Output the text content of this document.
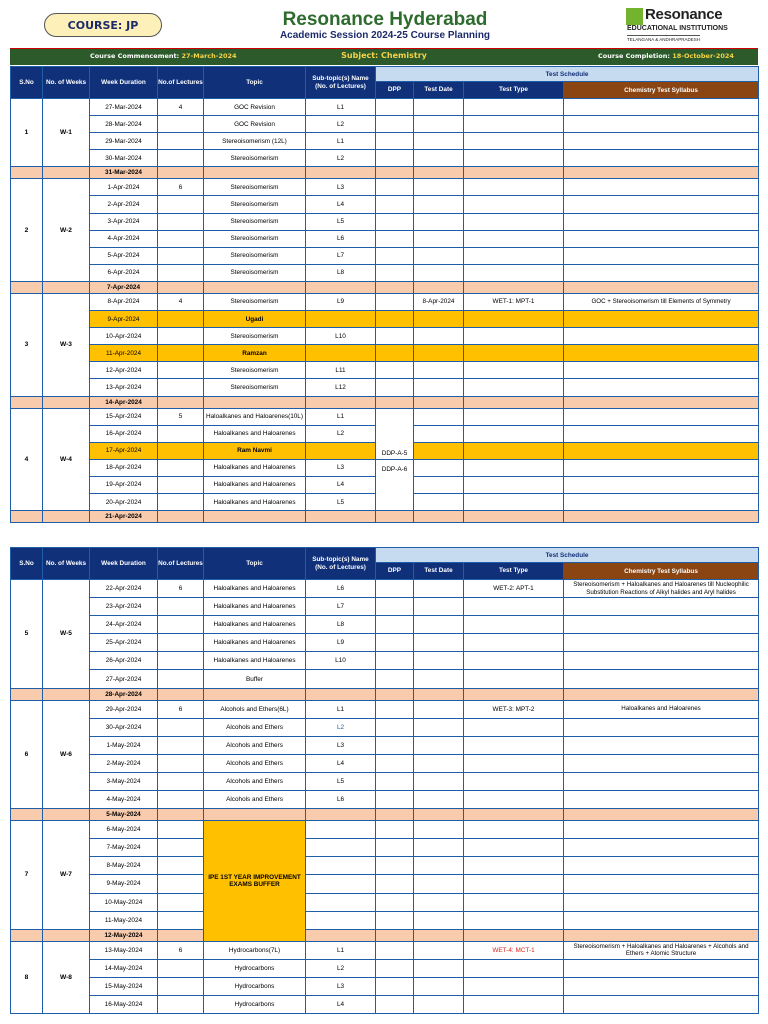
COURSE: JP	Resonance Hyderabad
Academic Session 2024-25 Course Planning
Resonance
EDUCATIONAL INSTITUTIONS
TELANGANA & ANDHRAPRADESH
Course Commencement: 27-March-2024	Subject: Chemistry	Course Completion: 18-October-2024
S.No	No. of Weeks	Week Duration	No.of Lectures	Topic	Sub-topic(s) Name (No. of Lectures)	Test Schedule			
						DPP	Test Date	Test Type	Chemistry Test Syllabus
1	W-1	27-Mar-2024	4	GOC Revision	L1				
		28-Mar-2024		GOC Revision	L2				
		29-Mar-2024		Stereoisomerism (12L)	L1				
		30-Mar-2024		Stereoisomerism	L2				
		31-Mar-2024							
2	W-2	1-Apr-2024	6	Stereoisomerism	L3				
		2-Apr-2024		Stereoisomerism	L4				
		3-Apr-2024		Stereoisomerism	L5				
		4-Apr-2024		Stereoisomerism	L6				
		5-Apr-2024		Stereoisomerism	L7				
		6-Apr-2024		Stereoisomerism	L8				
		7-Apr-2024							
3	W-3	8-Apr-2024	4	Stereoisomerism	L9		8-Apr-2024	WET-1: MPT-1	GOC + Stereoisomerism till Elements of Symmetry
		9-Apr-2024		Ugadi					
		10-Apr-2024		Stereoisomerism	L10				
		11-Apr-2024		Ramzan					
		12-Apr-2024		Stereoisomerism	L11				
		13-Apr-2024		Stereoisomerism	L12				
		14-Apr-2024							
4	W-4	15-Apr-2024	5	Haloalkanes and Haloarenes(10L)	L1	DDP-A-5			
		16-Apr-2024		Haloalkanes and Haloarenes	L2				
		17-Apr-2024		Ram Navmi					
		18-Apr-2024		Haloalkanes and Haloarenes	L3	DDP-A-6			
		19-Apr-2024		Haloalkanes and Haloarenes	L4				
		20-Apr-2024		Haloalkanes and Haloarenes	L5				
		21-Apr-2024							
S.No	No. of Weeks	Week Duration	No.of Lectures	Topic	Sub-topic(s) Name (No. of Lectures)	Test Schedule			
						DPP	Test Date	Test Type	Chemistry Test Syllabus
5	W-5	22-Apr-2024	6	Haloalkanes and Haloarenes	L6			WET-2: APT-1	Stereoisomerism + Haloalkanes and Haloarenes till Nucleophilic Substitution Reactions of Alkyl halides and Aryl halides
		23-Apr-2024		Haloalkanes and Haloarenes	L7				
		24-Apr-2024		Haloalkanes and Haloarenes	L8				
		25-Apr-2024		Haloalkanes and Haloarenes	L9				
		26-Apr-2024		Haloalkanes and Haloarenes	L10				
		27-Apr-2024		Buffer					
		28-Apr-2024							
6	W-6	29-Apr-2024	6	Alcohols and Ethers(6L)	L1			WET-3: MPT-2	Haloalkanes and Haloarenes
		30-Apr-2024		Alcohols and Ethers	L2				
		1-May-2024		Alcohols and Ethers	L3				
		2-May-2024		Alcohols and Ethers	L4				
		3-May-2024		Alcohols and Ethers	L5				
		4-May-2024		Alcohols and Ethers	L6				
		5-May-2024							
7	W-7	6-May-2024		IPE 1ST YEAR IMPROVEMENT EXAMS BUFFER					
		7-May-2024							
		8-May-2024							
		9-May-2024							
		10-May-2024							
		11-May-2024							
		12-May-2024							
8	W-8	13-May-2024	6	Hydrocarbons(7L)	L1			WET-4: MCT-1	Stereoisomerism + Haloalkanes and Haloarenes + Alcohols and Ethers + Atomic Structure
		14-May-2024		Hydrocarbons	L2				
		15-May-2024		Hydrocarbons	L3				
		16-May-2024		Hydrocarbons	L4				
